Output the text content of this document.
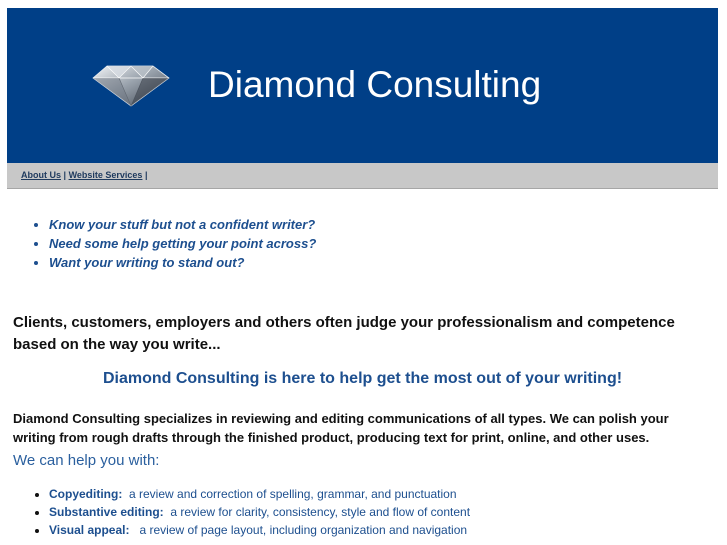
Diamond Consulting
About Us | Website Services |
• Know your stuff but not a confident writer?
• Need some help getting your point across?
• Want your writing to stand out?

Clients, customers, employers and others often judge your professionalism and competence based on the way you write...

Diamond Consulting is here to help get the most out of your writing!

Diamond Consulting specializes in reviewing and editing communications of all types. We can polish your writing from rough drafts through the finished product, producing text for print, online, and other uses.

We can help you with:

• Copyediting: a review and correction of spelling, grammar, and punctuation
• Substantive editing: a review for clarity, consistency, style and flow of content
• Visual appeal: a review of page layout, including organization and navigation
